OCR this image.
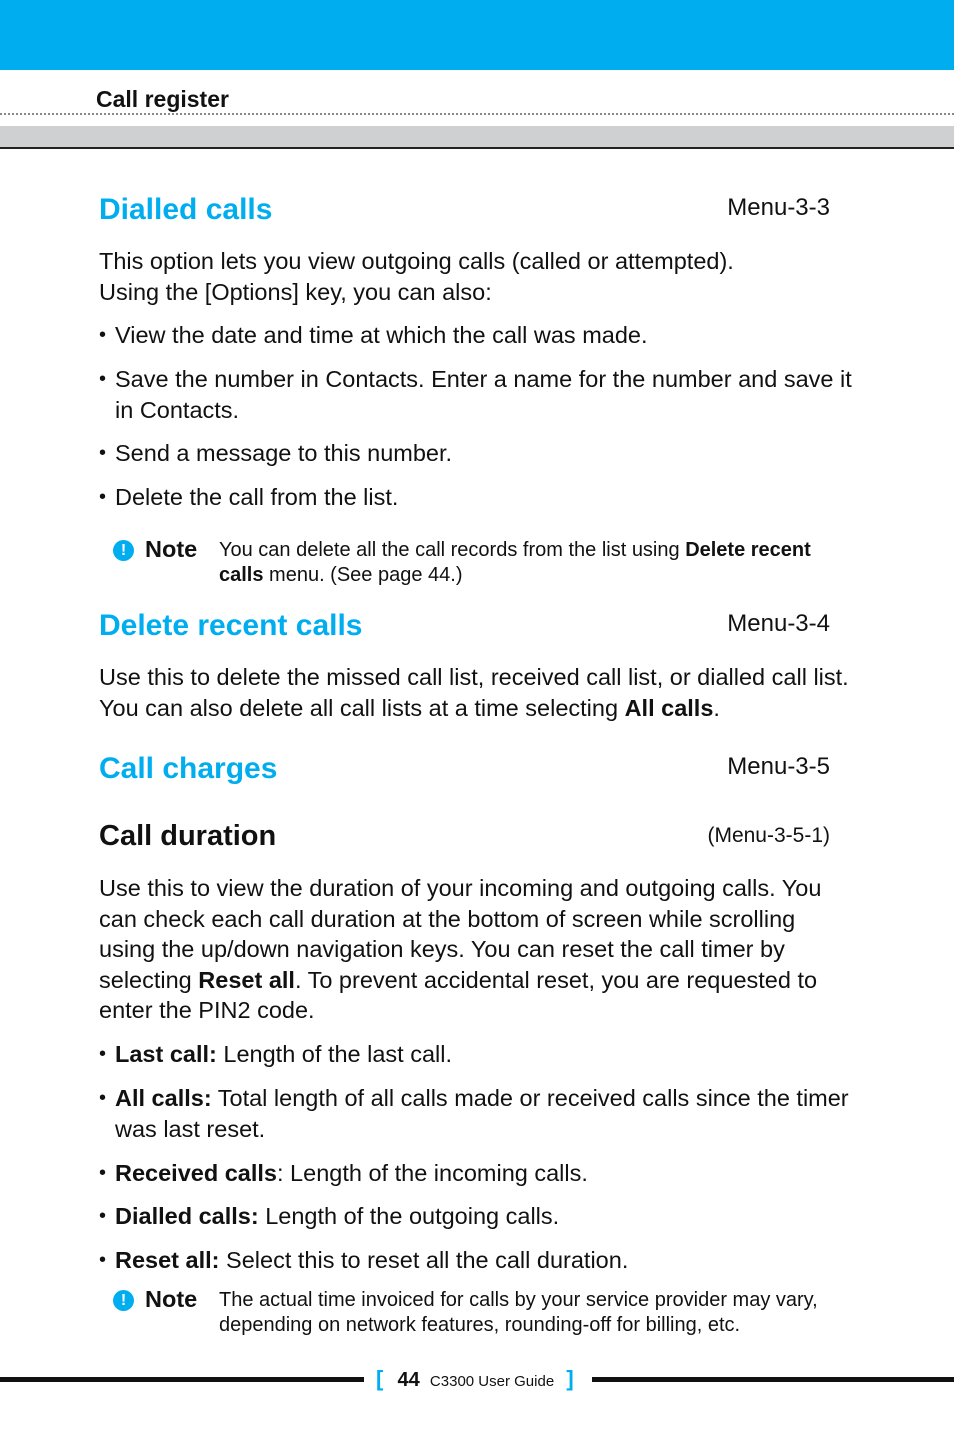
Call register
Dialled calls	Menu-3-3

This option lets you view outgoing calls (called or attempted).
Using the [Options] key, you can also:

• View the date and time at which the call was made.
• Save the number in Contacts. Enter a name for the number and save it in Contacts.
• Send a message to this number.
• Delete the call from the list.
!
Note You can delete all the call records from the list using Delete recent calls menu. (See page 44.)
Delete recent calls	Menu-3-4

Use this to delete the missed call list, received call list, or dialled call list. You can also delete all call lists at a time selecting All calls.

Call charges	Menu-3-5
Call duration	(Menu-3-5-1)

Use this to view the duration of your incoming and outgoing calls. You can check each call duration at the bottom of screen while scrolling using the up/down navigation keys. You can reset the call timer by selecting Reset all. To prevent accidental reset, you are requested to enter the PIN2 code.

• Last call: Length of the last call.
• All calls: Total length of all calls made or received calls since the timer was last reset.
• Received calls: Length of the incoming calls.
• Dialled calls: Length of the outgoing calls.
• Reset all: Select this to reset all the call duration.
!
Note The actual time invoiced for calls by your service provider may vary, depending on network features, rounding-off for billing, etc.
[ 44 C3300 User Guide ]
